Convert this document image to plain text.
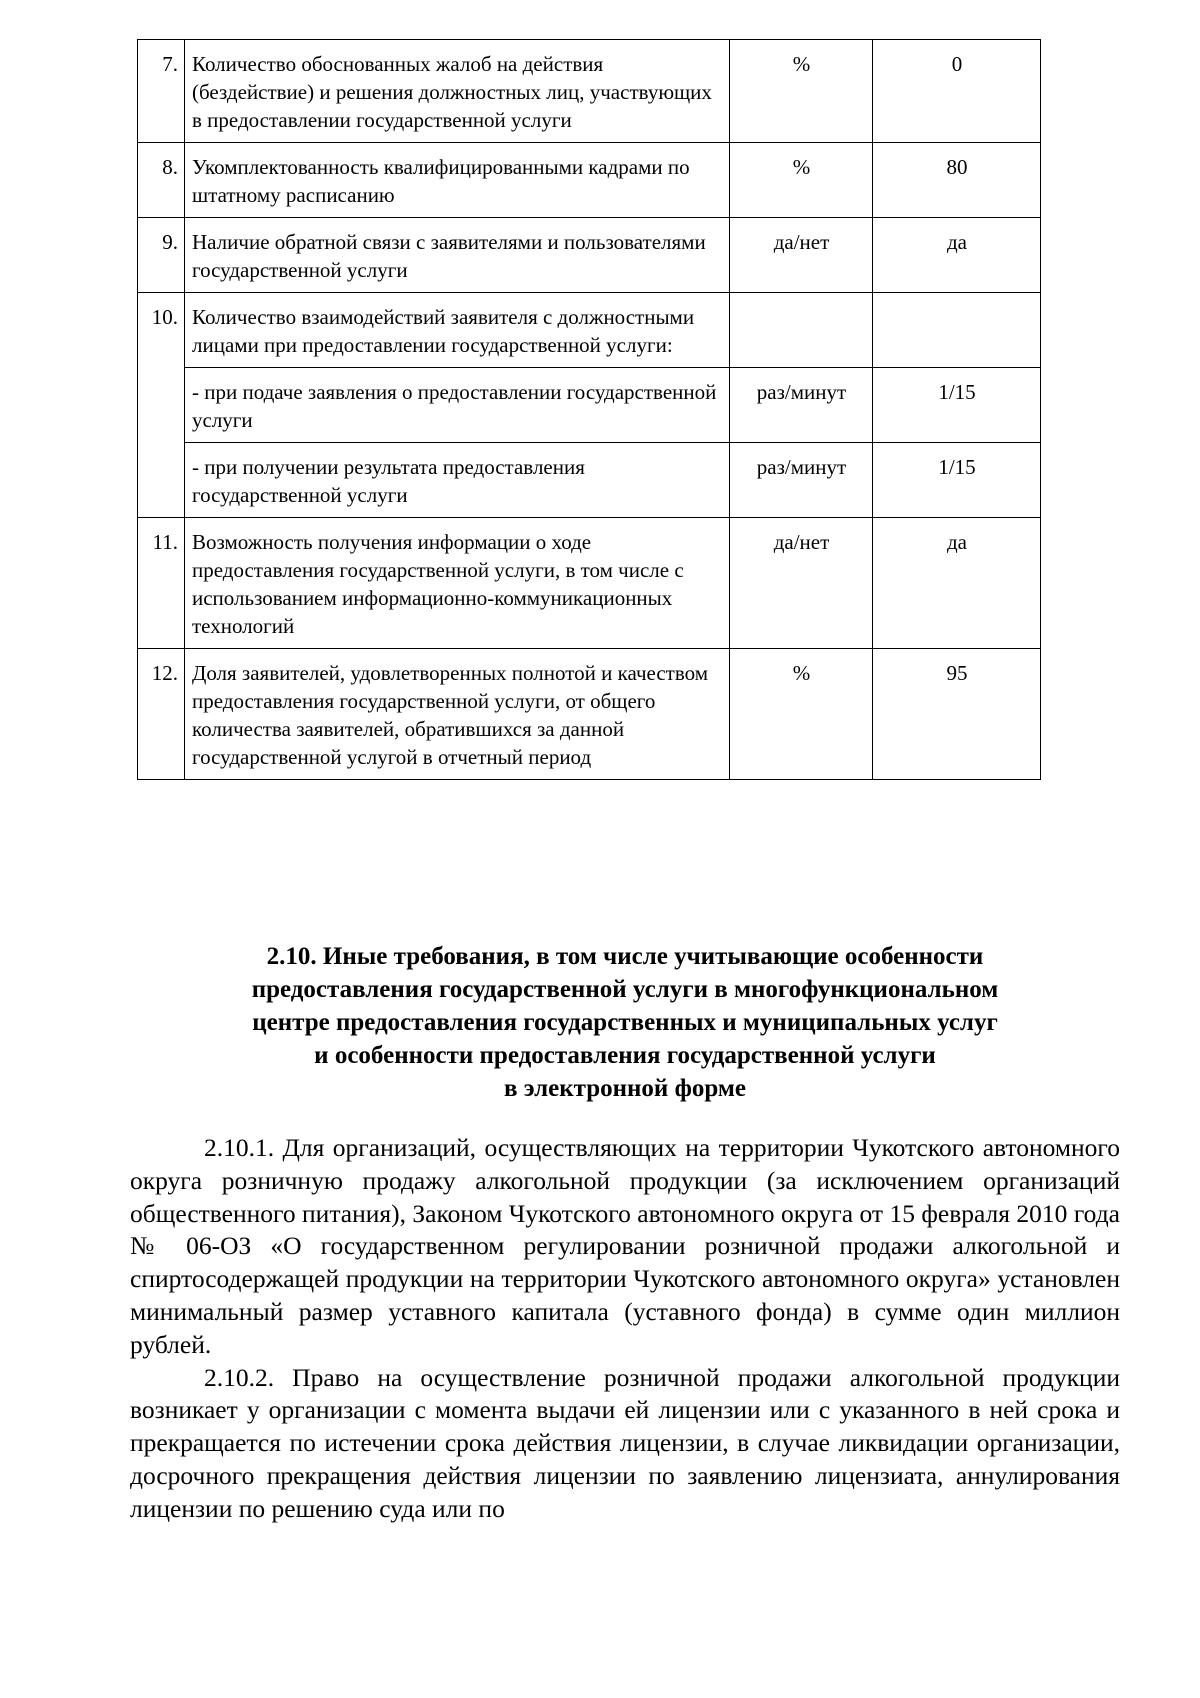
7.	Количество обоснованных жалоб на действия (бездействие) и решения должностных лиц, участвующих в предоставлении государственной услуги	%	0
8.	Укомплектованность квалифицированными кадрами по штатному расписанию	%	80
9.	Наличие обратной связи с заявителями и пользователями государственной услуги	да/нет	да
10.	Количество взаимодействий заявителя с должностными лицами при предоставлении государственной услуги:		
	- при подаче заявления о предоставлении государственной услуги	раз/минут	1/15
	- при получении результата предоставления государственной услуги	раз/минут	1/15
11.	Возможность получения информации о ходе предоставления государственной услуги, в том числе с использованием информационно-коммуникационных технологий	да/нет	да
12.	Доля заявителей, удовлетворенных полнотой и качеством предоставления государственной услуги, от общего количества заявителей, обратившихся за данной государственной услугой в отчетный период	%	95
2.10. Иные требования, в том числе учитывающие особенности
предоставления государственной услуги в многофункциональном
центре предоставления государственных и муниципальных услуг
и особенности предоставления государственной услуги
в электронной форме

2.10.1. Для организаций, осуществляющих на территории Чукотского автономного округа розничную продажу алкогольной продукции (за исключением организаций общественного питания), Законом Чукотского автономного округа от 15 февраля 2010 года № 06-ОЗ «О государственном регулировании розничной продажи алкогольной и спиртосодержащей продукции на территории Чукотского автономного округа» установлен минимальный размер уставного капитала (уставного фонда) в сумме один миллион рублей.

2.10.2. Право на осуществление розничной продажи алкогольной продукции возникает у организации с момента выдачи ей лицензии или с указанного в ней срока и прекращается по истечении срока действия лицензии, в случае ликвидации организации, досрочного прекращения действия лицензии по заявлению лицензиата, аннулирования лицензии по решению суда или по
